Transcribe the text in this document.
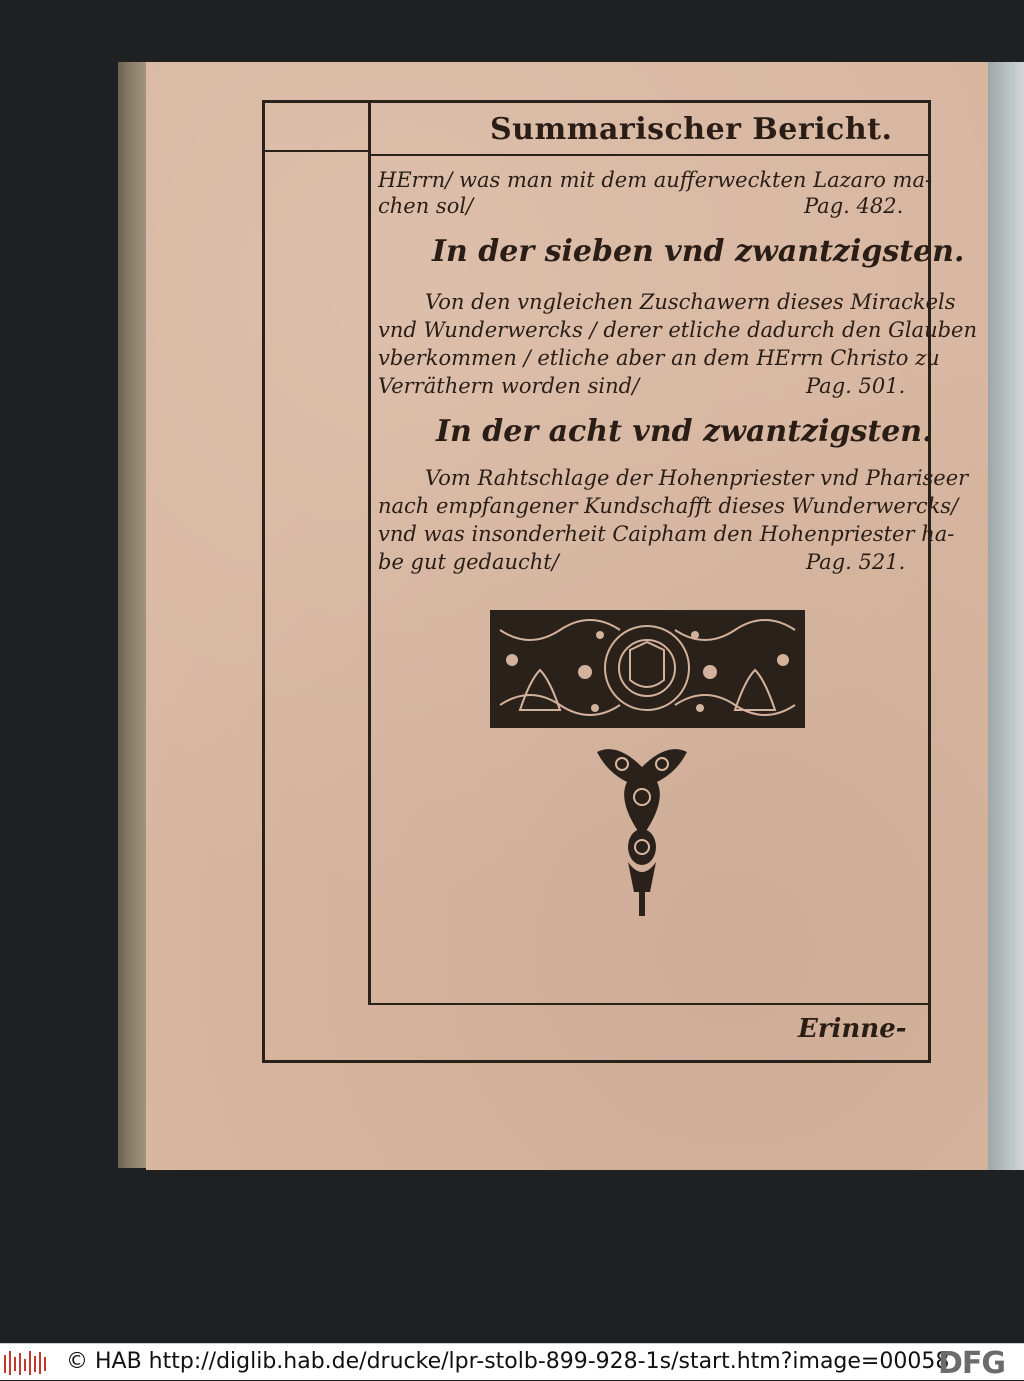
Summarischer Bericht.
HErrn/ was man mit dem aufferweckten Lazaro ma-
chen sol/	Pag. 482.
In der sieben vnd zwantzigsten.
Von den vngleichen Zuschawern dieses Mirackels
vnd Wunderwercks / derer etliche dadurch den Glauben
vberkommen / etliche aber an dem HErrn Christo zu
Verräthern worden sind/	Pag. 501.
In der acht vnd zwantzigsten.
Vom Rahtschlage der Hohenpriester vnd Phariseer
nach empfangener Kundschafft dieses Wunderwercks/
vnd was insonderheit Caipham den Hohenpriester ha-
be gut gedaucht/	Pag. 521.
Erinne-
© HAB http://diglib.hab.de/drucke/lpr-stolb-899-928-1s/start.htm?image=00058
DFG
